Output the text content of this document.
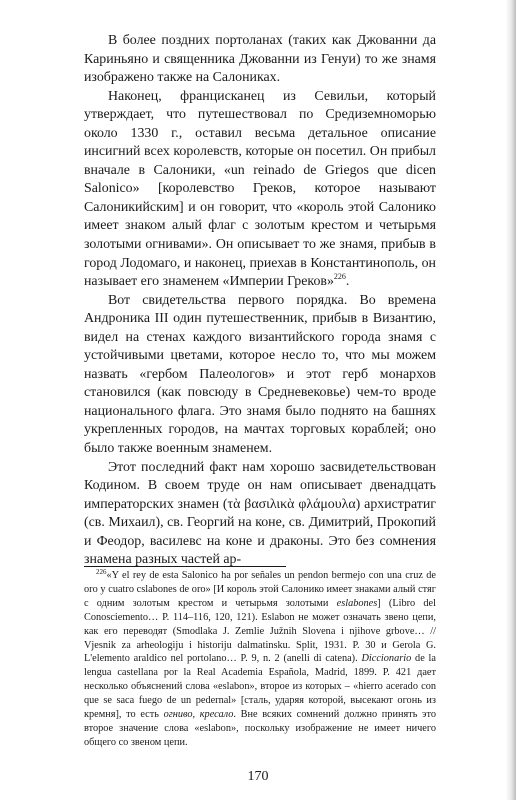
В более поздних портоланах (таких как Джованни да Кариньяно и священника Джованни из Генуи) то же знамя изображено также на Салониках.

Наконец, францисканец из Севильи, который утверждает, что путешествовал по Средиземноморью около 1330 г., оставил весьма детальное описание инсигний всех королевств, которые он посетил. Он прибыл вначале в Салоники, «un reinado de Griegos que dicen Salonico» [королевство Греков, которое называют Салоникийским] и он говорит, что «король этой Салонико имеет знаком алый флаг с золотым крестом и четырьмя золотыми огнивами». Он описывает то же знамя, прибыв в город Лодомаго, и наконец, приехав в Константинополь, он называет его знаменем «Империи Греков»$^{226}$.

Вот свидетельства первого порядка. Во времена Андроника III один путешественник, прибыв в Византию, видел на стенах каждого византийского города знамя с устойчивыми цветами, которое несло то, что мы можем назвать «гербом Палеологов» и этот герб монархов становился (как повсюду в Средневековье) чем-то вроде национального флага. Это знамя было поднято на башнях укрепленных городов, на мачтах торговых кораблей; оно было также военным знаменем.

Этот последний факт нам хорошо засвидетельствован Кодином. В своем труде он нам описывает двенадцать императорских знамен (τὰ βασιλικὰ φλάμουλα) архистратиг (св. Михаил), св. Георгий на коне, св. Димитрий, Прокопий и Феодор, василевс на коне и драконы. Это без сомнения знамена разных частей ар-

$^{226}$«Y el rey de esta Salonico ha por señales un pendon bermejo con una cruz de oro y cuatro cslabones de oro» [И король этой Салонико имеет знаками алый стяг с одним золотым крестом и четырьмя золотыми eslabones] (Libro del Conosciemento… P. 114–116, 120, 121). Eslabon не может означать звено цепи, как его переводят (Smodlaka J. Zemlie Južnih Slovena i njihove grbove… // Vjesnik za arheologiju i historiju dalmatinsku. Split, 1931. P. 30 и Gerola G. L'elemento araldico nel portolano… P. 9, n. 2 (anelli di catena). Diccionario de la lengua castellana por la Real Academia Española, Madrid, 1899. P. 421 дает несколько объяснений слова «eslabon», второе из которых – «hierro acerado con que se saca fuego de un pedernal» [сталь, ударяя которой, высекают огонь из кремня], то есть огниво, кресало. Вне всяких сомнений должно принять это второе значение слова «eslabon», поскольку изображение не имеет ничего общего со звеном цепи.

170
